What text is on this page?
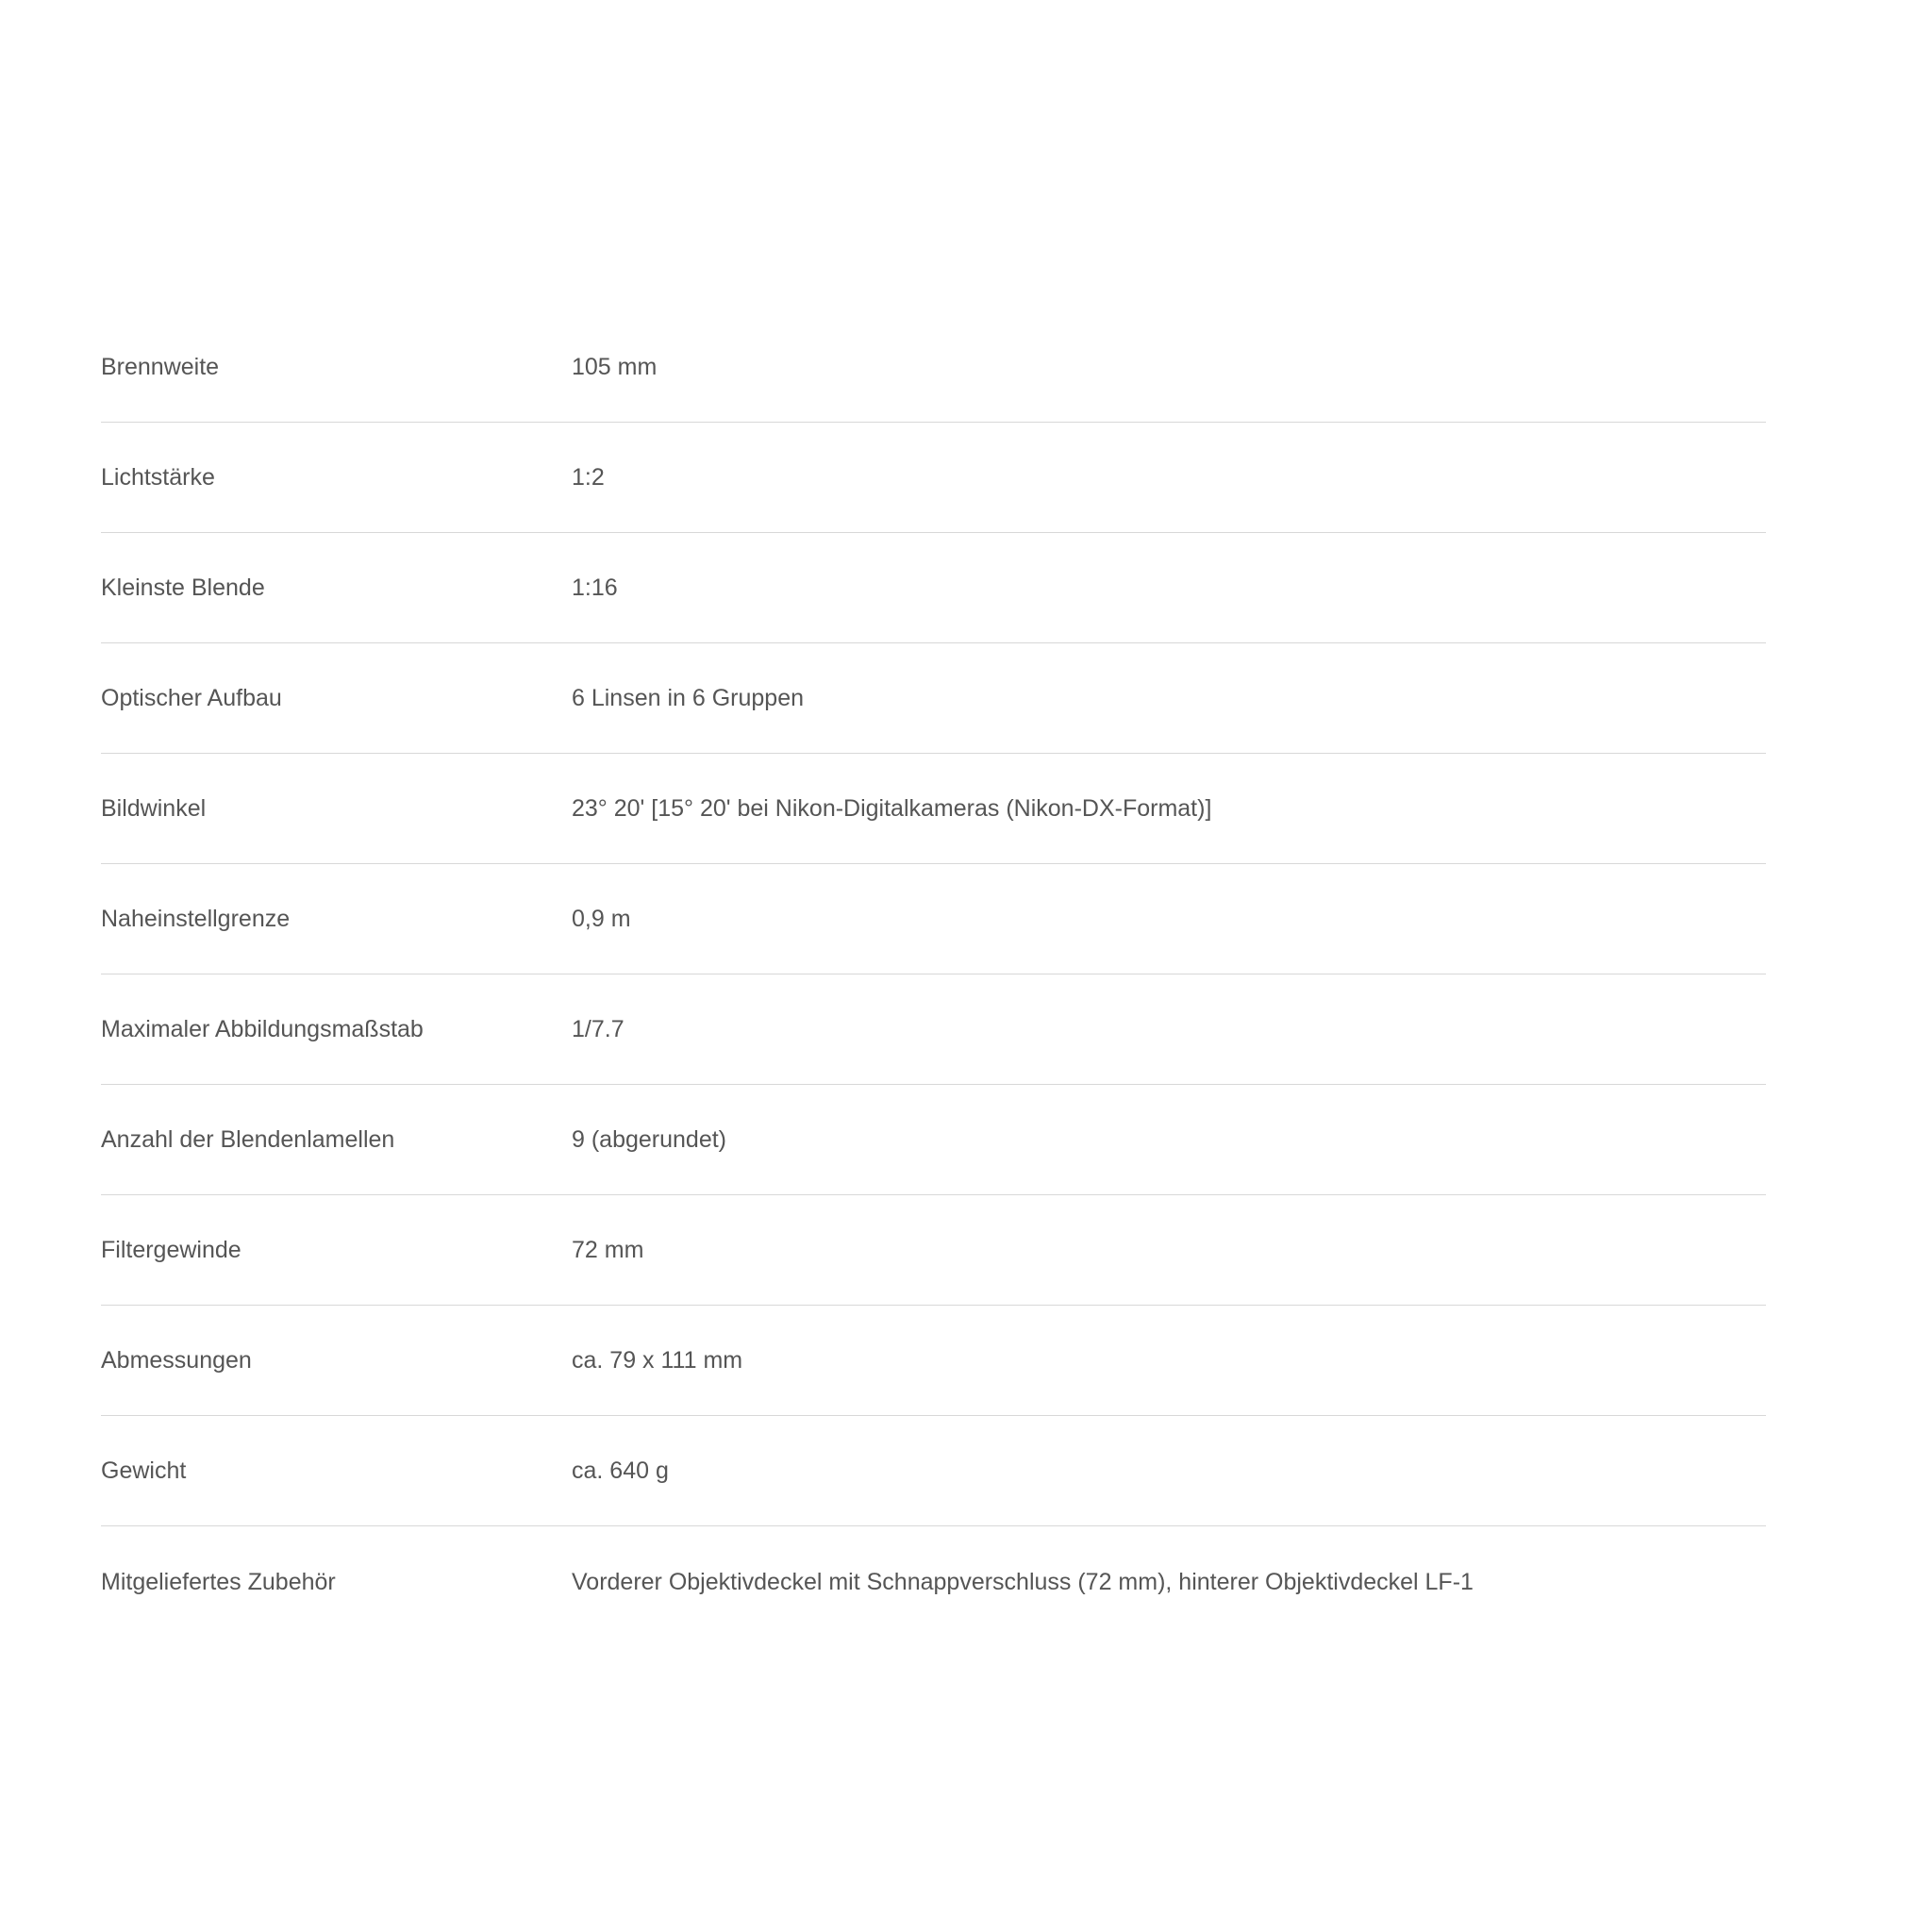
Brennweite	105 mm
Lichtstärke	1:2
Kleinste Blende	1:16
Optischer Aufbau	6 Linsen in 6 Gruppen
Bildwinkel	23° 20' [15° 20' bei Nikon-Digitalkameras (Nikon-DX-Format)]
Naheinstellgrenze	0,9 m
Maximaler Abbildungsmaßstab	1/7.7
Anzahl der Blendenlamellen	9 (abgerundet)
Filtergewinde	72 mm
Abmessungen	ca. 79 x 111 mm
Gewicht	ca. 640 g
Mitgeliefertes Zubehör	Vorderer Objektivdeckel mit Schnappverschluss (72 mm), hinterer Objektivdeckel LF-1
